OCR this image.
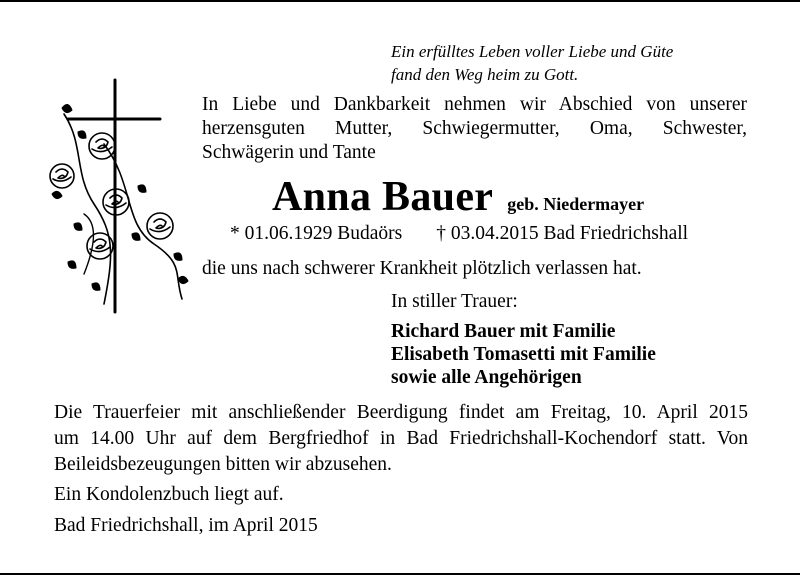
Ein erfülltes Leben voller Liebe und Güte
fand den Weg heim zu Gott.
In Liebe und Dankbarkeit nehmen wir Abschied von unserer
herzensguten Mutter, Schwiegermutter, Oma, Schwester,
Schwägerin und Tante
Anna Bauer geb. Niedermayer
* 01.06.1929 Budaörs † 03.04.2015 Bad Friedrichshall
die uns nach schwerer Krankheit plötzlich verlassen hat.
In stiller Trauer:
Richard Bauer mit Familie
Elisabeth Tomasetti mit Familie
sowie alle Angehörigen
Die Trauerfeier mit anschließender Beerdigung findet am Freitag, 10. April 2015
um 14.00 Uhr auf dem Bergfriedhof in Bad Friedrichshall-Kochendorf statt. Von
Beileidsbezeugungen bitten wir abzusehen.
Ein Kondolenzbuch liegt auf.
Bad Friedrichshall, im April 2015
